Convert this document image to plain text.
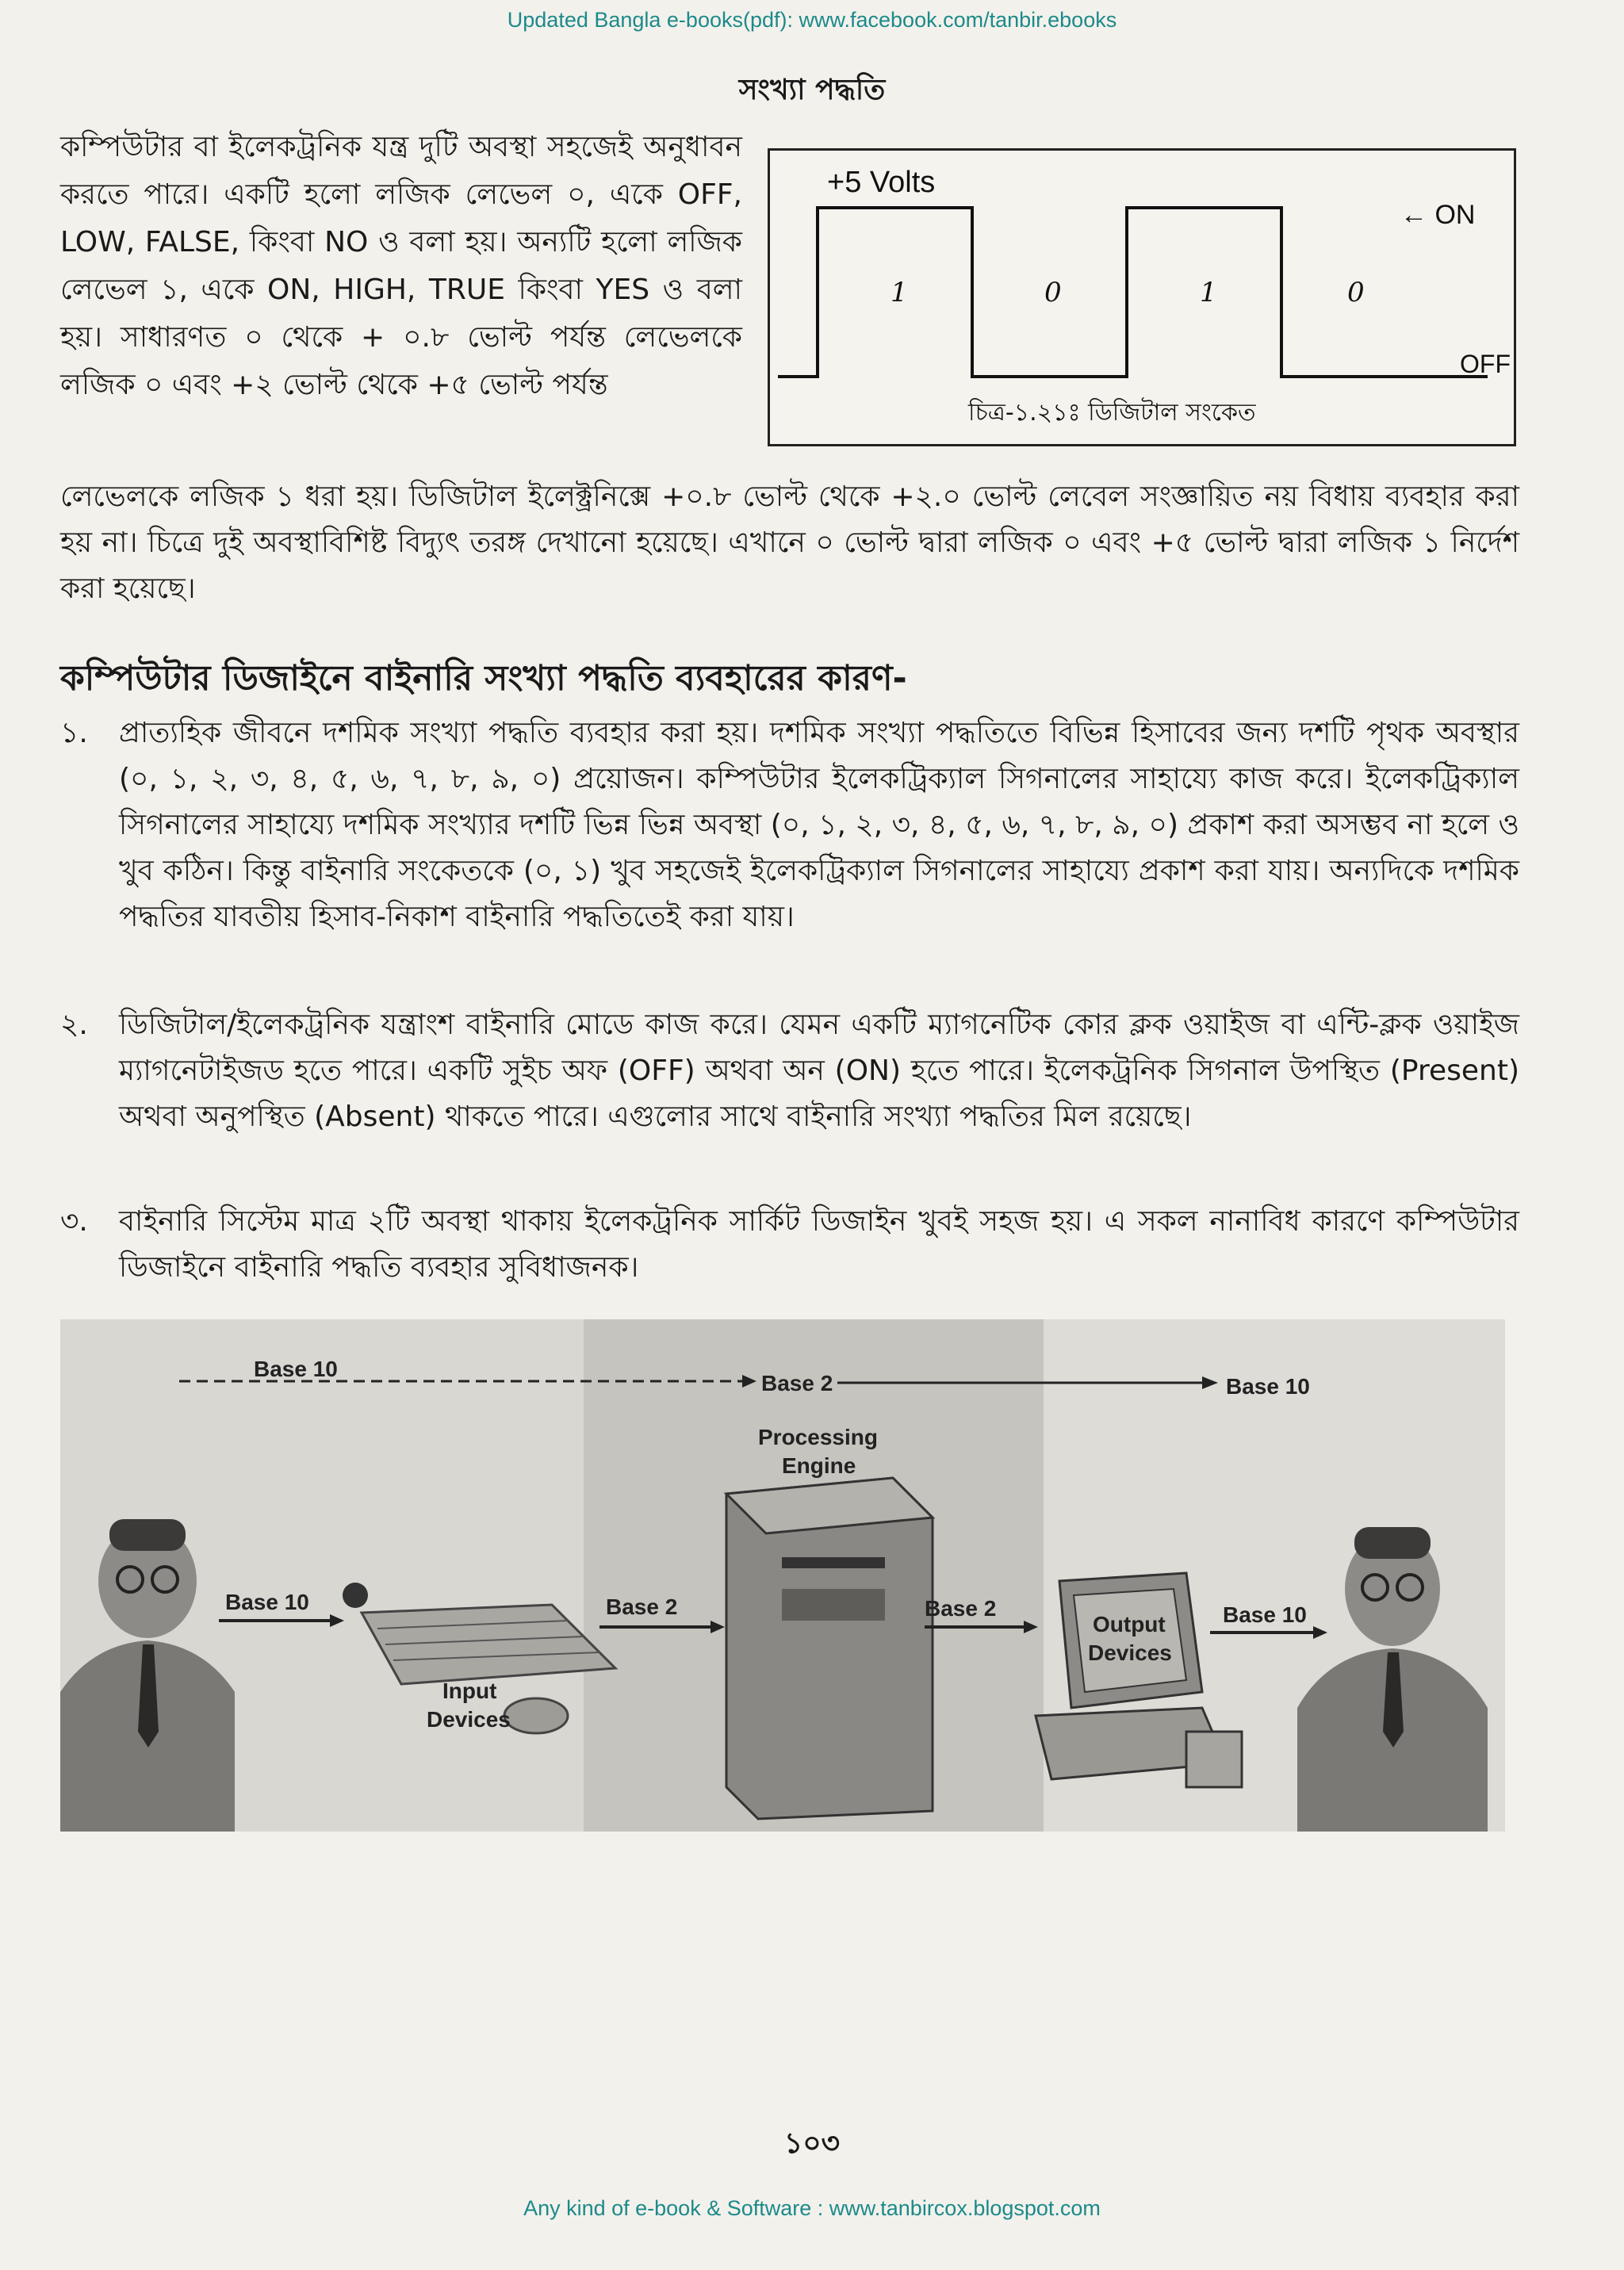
Updated Bangla e-books(pdf): www.facebook.com/tanbir.ebooks
সংখ্যা পদ্ধতি
কম্পিউটার বা ইলেকট্রনিক যন্ত্র দুটি অবস্থা সহজেই অনুধাবন করতে পারে। একটি হলো লজিক লেভেল ০, একে OFF, LOW, FALSE, কিংবা NO ও বলা হয়। অন্যটি হলো লজিক লেভেল ১, একে ON, HIGH, TRUE কিংবা YES ও বলা হয়। সাধারণত ০ থেকে + ০.৮ ভোল্ট পর্যন্ত লেভেলকে লজিক ০ এবং +২ ভোল্ট থেকে +৫ ভোল্ট পর্যন্ত
+5 Volts
← ON
OFF
1	0	1	0
চিত্র-১.২১ঃ ডিজিটাল সংকেত
লেভেলকে লজিক ১ ধরা হয়। ডিজিটাল ইলেক্ট্রনিক্সে +০.৮ ভোল্ট থেকে +২.০ ভোল্ট লেবেল সংজ্ঞায়িত নয় বিধায় ব্যবহার করা হয় না। চিত্রে দুই অবস্থাবিশিষ্ট বিদ্যুৎ তরঙ্গ দেখানো হয়েছে। এখানে ০ ভোল্ট দ্বারা লজিক ০ এবং +৫ ভোল্ট দ্বারা লজিক ১ নির্দেশ করা হয়েছে।
কম্পিউটার ডিজাইনে বাইনারি সংখ্যা পদ্ধতি ব্যবহারের কারণ-
১.	প্রাত্যহিক জীবনে দশমিক সংখ্যা পদ্ধতি ব্যবহার করা হয়। দশমিক সংখ্যা পদ্ধতিতে বিভিন্ন হিসাবের জন্য দশটি পৃথক অবস্থার (০, ১, ২, ৩, ৪, ৫, ৬, ৭, ৮, ৯, ০) প্রয়োজন। কম্পিউটার ইলেকট্রিক্যাল সিগনালের সাহায্যে কাজ করে। ইলেকট্রিক্যাল সিগনালের সাহায্যে দশমিক সংখ্যার দশটি ভিন্ন ভিন্ন অবস্থা (০, ১, ২, ৩, ৪, ৫, ৬, ৭, ৮, ৯, ০) প্রকাশ করা অসম্ভব না হলে ও খুব কঠিন। কিন্তু বাইনারি সংকেতকে (০, ১) খুব সহজেই ইলেকট্রিক্যাল সিগনালের সাহায্যে প্রকাশ করা যায়। অন্যদিকে দশমিক পদ্ধতির যাবতীয় হিসাব-নিকাশ বাইনারি পদ্ধতিতেই করা যায়।
২.	ডিজিটাল/ইলেকট্রনিক যন্ত্রাংশ বাইনারি মোডে কাজ করে। যেমন একটি ম্যাগনেটিক কোর ক্লক ওয়াইজ বা এন্টি-ক্লক ওয়াইজ ম্যাগনেটাইজড হতে পারে। একটি সুইচ অফ (OFF) অথবা অন (ON) হতে পারে। ইলেকট্রনিক সিগনাল উপস্থিত (Present) অথবা অনুপস্থিত (Absent) থাকতে পারে। এগুলোর সাথে বাইনারি সংখ্যা পদ্ধতির মিল রয়েছে।
৩.	বাইনারি সিস্টেম মাত্র ২টি অবস্থা থাকায় ইলেকট্রনিক সার্কিট ডিজাইন খুবই সহজ হয়। এ সকল নানাবিধ কারণে কম্পিউটার ডিজাইনে বাইনারি পদ্ধতি ব্যবহার সুবিধাজনক।
Base 10
Base 2	Base 10
Processing
Engine
Output
Devices
Base 10	Base 2	Base 2	Base 10
Input
Devices
১০৩
Any kind of e-book & Software : www.tanbircox.blogspot.com
